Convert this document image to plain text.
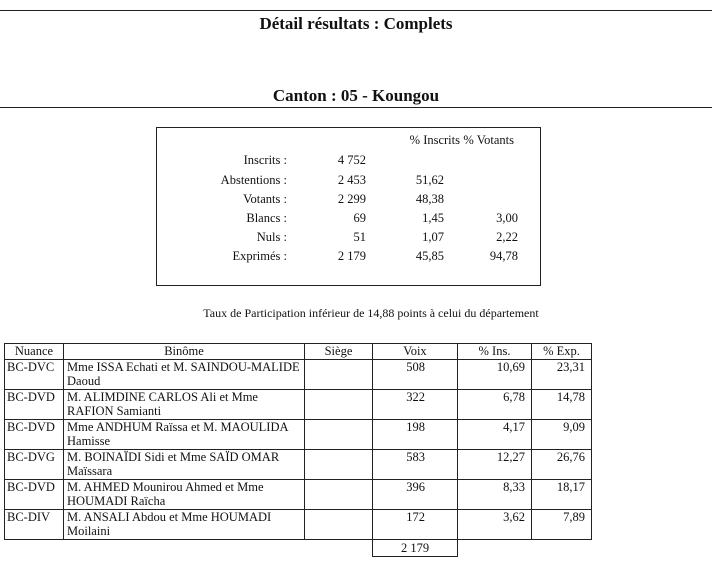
Détail résultats : Complets
Canton : 05 - Koungou
% Inscrits % Votants
Inscrits :	4 752
Abstentions :	2 453	51,62
Votants :	2 299	48,38
Blancs :	69	1,45	3,00
Nuls :	51	1,07	2,22
Exprimés :	2 179	45,85	94,78
Taux de Participation inférieur de 14,88 points à celui du département
Nuance	Binôme	Siège	Voix	% Ins.	% Exp.
BC-DVC	Mme ISSA Echati et M. SAINDOU-MALIDE Daoud		508	10,69	23,31
BC-DVD	M. ALIMDINE CARLOS Ali et Mme RAFION Samianti		322	6,78	14,78
BC-DVD	Mme ANDHUM Raïssa et M. MAOULIDA Hamisse		198	4,17	9,09
BC-DVG	M. BOINAÏDI Sidi et Mme SAÏD OMAR Maïssara		583	12,27	26,76
BC-DVD	M. AHMED Mounirou Ahmed et Mme HOUMADI Raïcha		396	8,33	18,17
BC-DIV	M. ANSALI Abdou et Mme HOUMADI Moilaini		172	3,62	7,89
			2 179		
